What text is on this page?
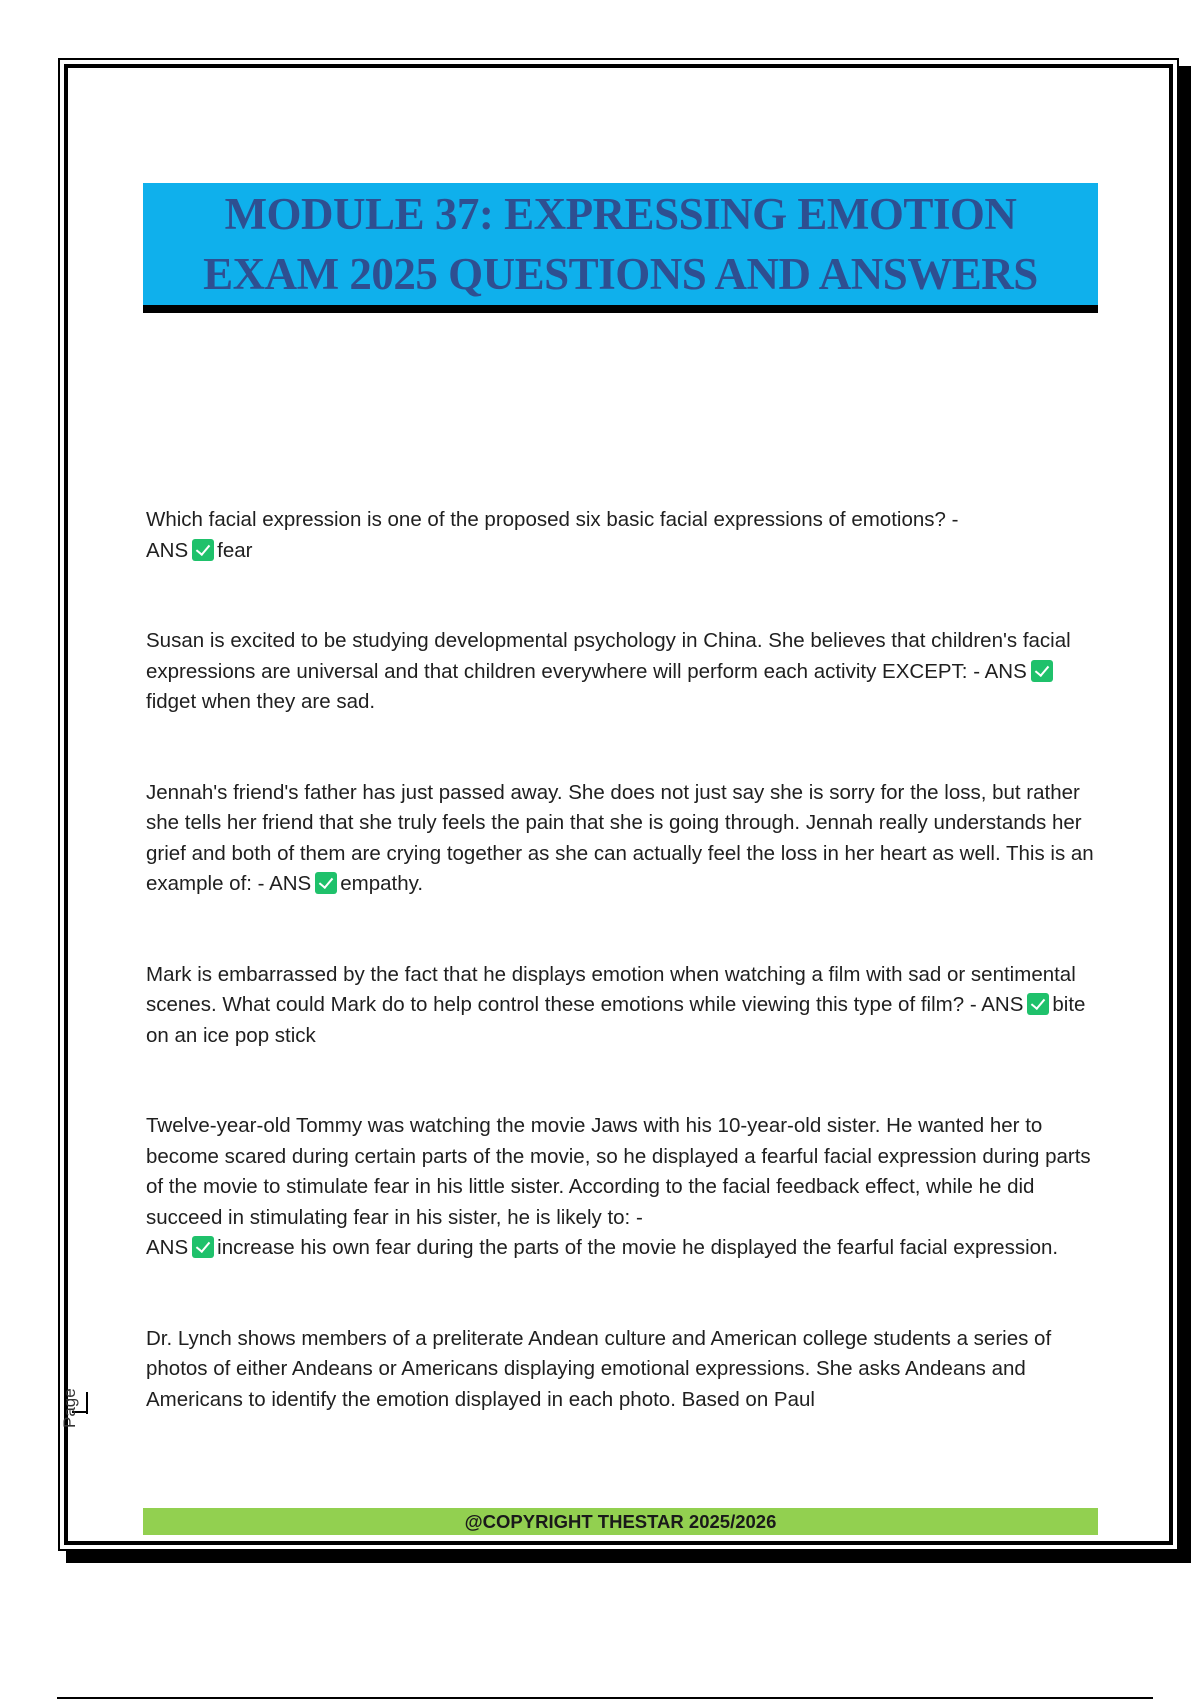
MODULE 37: EXPRESSING EMOTION
EXAM 2025 QUESTIONS AND ANSWERS

Which facial expression is one of the proposed six basic facial expressions of emotions? -
ANS fear

Susan is excited to be studying developmental psychology in China. She believes that children's facial expressions are universal and that children everywhere will perform each activity EXCEPT: - ANSfidget when they are sad.

Jennah's friend's father has just passed away. She does not just say she is sorry for the loss, but rather she tells her friend that she truly feels the pain that she is going through. Jennah really understands her grief and both of them are crying together as she can actually feel the loss in her heart as well. This is an example of: - ANS empathy.

Mark is embarrassed by the fact that he displays emotion when watching a film with sad or sentimental scenes. What could Mark do to help control these emotions while viewing this type of film? - ANS bite on an ice pop stick

Twelve-year-old Tommy was watching the movie Jaws with his 10-year-old sister. He wanted her to become scared during certain parts of the movie, so he displayed a fearful facial expression during parts of the movie to stimulate fear in his little sister. According to the facial feedback effect, while he did succeed in stimulating fear in his sister, he is likely to: -
ANS increase his own fear during the parts of the movie he displayed the fearful facial expression.

Dr. Lynch shows members of a preliterate Andean culture and American college students a series of photos of either Andeans or Americans displaying emotional expressions. She asks Andeans and Americans to identify the emotion displayed in each photo. Based on Paul

Page
@COPYRIGHT THESTAR 2025/2026
